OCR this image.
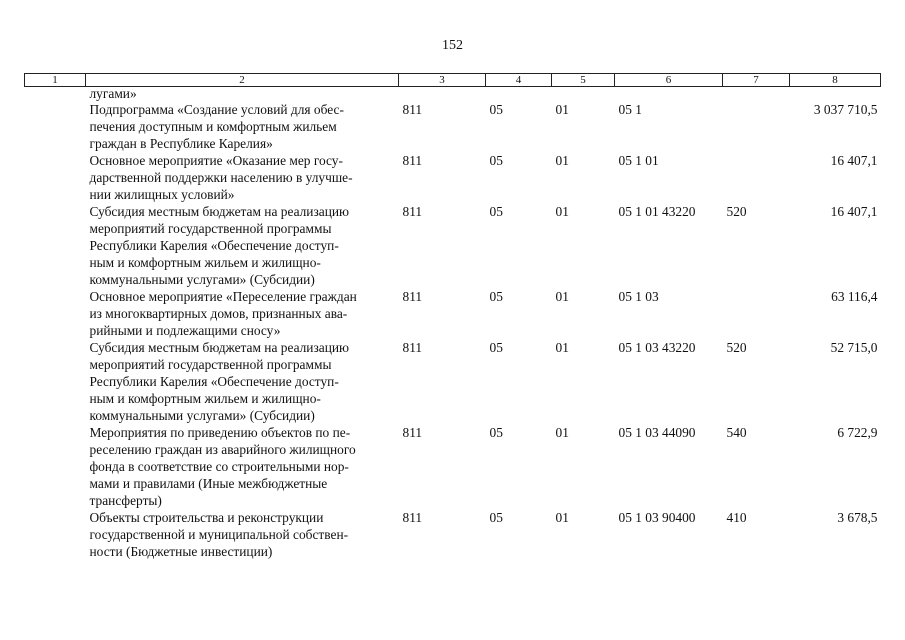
152
1	2	3	4	5	6	7	8
	лугами»						

	Подпрограмма «Создание условий для обес-
печения доступным и комфортным жильем
граждан в Республике Карелия»	811	05	01	05 1		3 037 710,5

	Основное мероприятие «Оказание мер госу-
дарственной поддержки населению в улучше-
нии жилищных условий»	811	05	01	05 1 01		16 407,1

	Субсидия местным бюджетам на реализацию
мероприятий государственной программы
Республики Карелия «Обеспечение доступ-
ным и комфортным жильем и жилищно-
коммунальными услугами» (Субсидии)	811	05	01	05 1 01 43220	520	16 407,1

	Основное мероприятие «Переселение граждан
из многоквартирных домов, признанных ава-
рийными и подлежащими сносу»	811	05	01	05 1 03		63 116,4

	Субсидия местным бюджетам на реализацию
мероприятий государственной программы
Республики Карелия «Обеспечение доступ-
ным и комфортным жильем и жилищно-
коммунальными услугами» (Субсидии)	811	05	01	05 1 03 43220	520	52 715,0

	Мероприятия по приведению объектов по пе-
реселению граждан из аварийного жилищного
фонда в соответствие со строительными нор-
мами и правилами (Иные межбюджетные
трансферты)	811	05	01	05 1 03 44090	540	6 722,9

	Объекты строительства и реконструкции
государственной и муниципальной собствен-
ности (Бюджетные инвестиции)	811	05	01	05 1 03 90400	410	3 678,5
